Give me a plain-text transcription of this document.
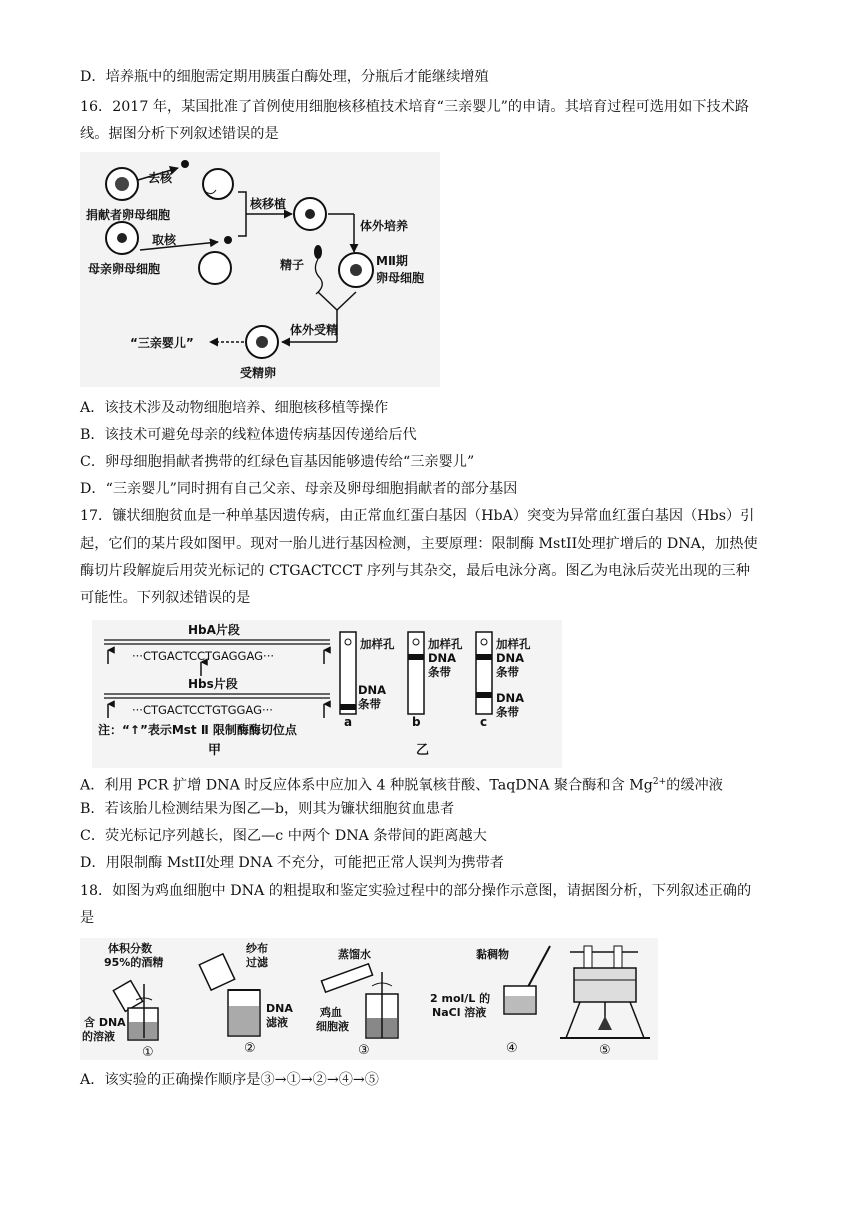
D．培养瓶中的细胞需定期用胰蛋白酶处理，分瓶后才能继续增殖
16．2017 年，某国批准了首例使用细胞核移植技术培育“三亲婴儿”的申请。其培育过程可选用如下技术路
线。据图分析下列叙述错误的是
去核
捐献者卵母细胞
取核
母亲卵母细胞
核移植
体外培养
MⅡ期
卵母细胞
精子
体外受精
受精卵
“三亲婴儿”
A．该技术涉及动物细胞培养、细胞核移植等操作
B．该技术可避免母亲的线粒体遗传病基因传递给后代
C．卵母细胞捐献者携带的红绿色盲基因能够遗传给“三亲婴儿”
D．“三亲婴儿”同时拥有自己父亲、母亲及卵母细胞捐献者的部分基因
17．镰状细胞贫血是一种单基因遗传病，由正常血红蛋白基因（HbA）突变为异常血红蛋白基因（Hbs）引
起，它们的某片段如图甲。现对一胎儿进行基因检测，主要原理：限制酶 MstII处理扩增后的 DNA，加热使
酶切片段解旋后用荧光标记的 CTGACTCCT 序列与其杂交，最后电泳分离。图乙为电泳后荧光出现的三种
可能性。下列叙述错误的是
HbA片段
···CTGACTCCTGAGGAG···
Hbs片段
···CTGACTCCTGTGGAG···
注：“↑”表示Mst Ⅱ 限制酶酶切位点
甲
加样孔
DNA
条带
a
加样孔
DNA
条带
b
加样孔
DNA
条带
DNA
条带
c
乙
A．利用 PCR 扩增 DNA 时反应体系中应加入 4 种脱氧核苷酸、TaqDNA 聚合酶和含 $Mg^{2+}$的缓冲液
B．若该胎儿检测结果为图乙—b，则其为镰状细胞贫血患者
C．荧光标记序列越长，图乙—c 中两个 DNA 条带间的距离越大
D．用限制酶 MstII处理 DNA 不充分，可能把正常人误判为携带者
18．如图为鸡血细胞中 DNA 的粗提取和鉴定实验过程中的部分操作示意图，请据图分析，下列叙述正确的
是
体积分数
95%的酒精
含 DNA
的溶液
①
纱布
过滤
DNA
滤液
②
蒸馏水
鸡血
细胞液
③
黏稠物
2 mol/L 的
NaCl 溶液
④	⑤
A．该实验的正确操作顺序是③→①→②→④→⑤
